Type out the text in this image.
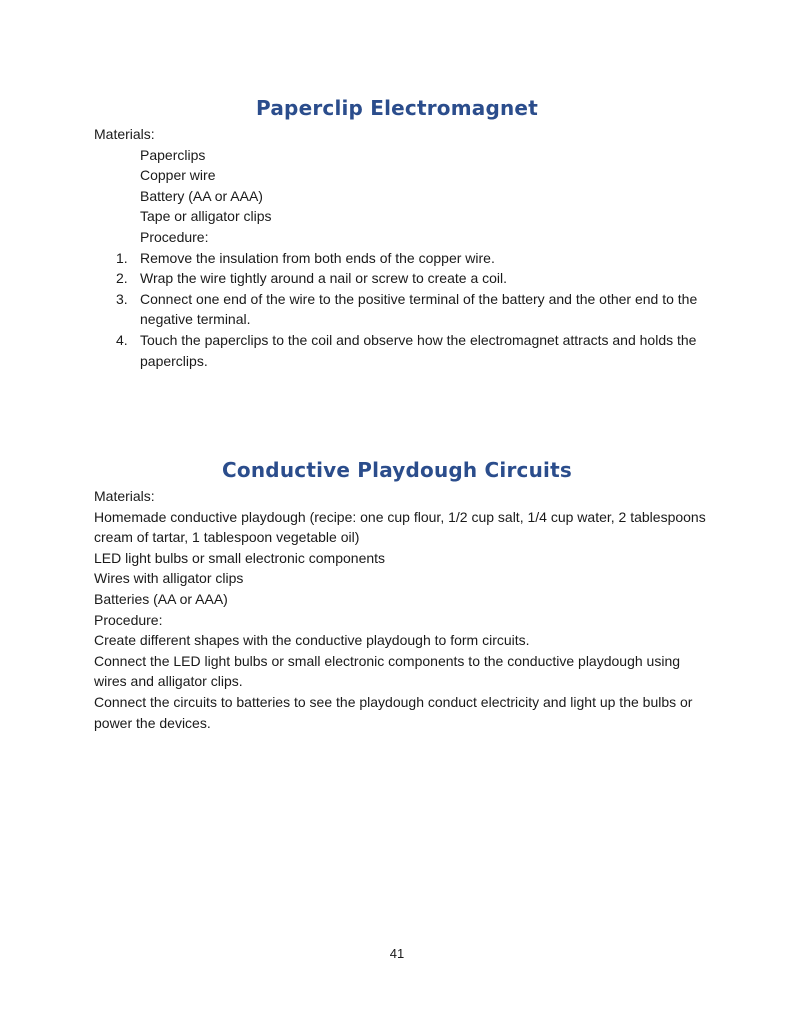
Paperclip Electromagnet
Materials:
Paperclips
Copper wire
Battery (AA or AAA)
Tape or alligator clips
Procedure:
1. Remove the insulation from both ends of the copper wire.
2. Wrap the wire tightly around a nail or screw to create a coil.
3. Connect one end of the wire to the positive terminal of the battery and the other end to the negative terminal.
4. Touch the paperclips to the coil and observe how the electromagnet attracts and holds the paperclips.
Conductive Playdough Circuits
Materials:
Homemade conductive playdough (recipe: one cup flour, 1/2 cup salt, 1/4 cup water, 2 tablespoons cream of tartar, 1 tablespoon vegetable oil)
LED light bulbs or small electronic components
Wires with alligator clips
Batteries (AA or AAA)
Procedure:
Create different shapes with the conductive playdough to form circuits.
Connect the LED light bulbs or small electronic components to the conductive playdough using wires and alligator clips.
Connect the circuits to batteries to see the playdough conduct electricity and light up the bulbs or power the devices.
41
